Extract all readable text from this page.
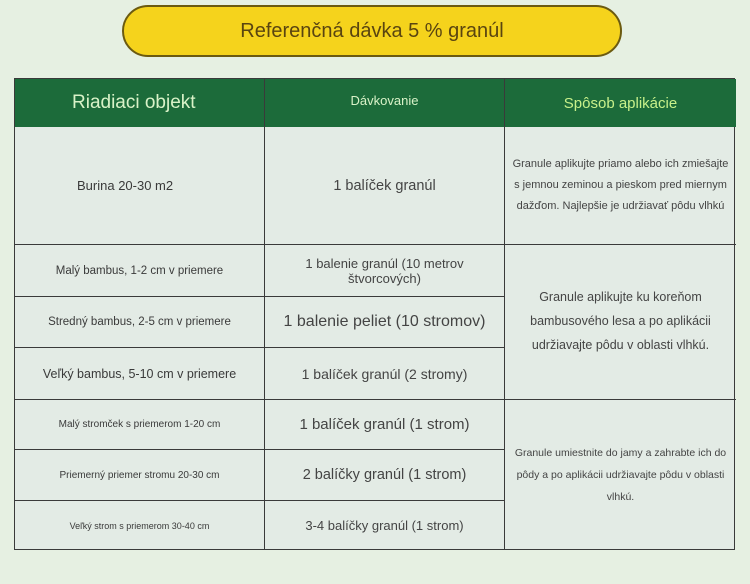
Referenčná dávka 5 % granúl
Riadiaci objekt	Dávkovanie	Spôsob aplikácie
Burina 20-30 m2	1 balíček granúl
Granule aplikujte priamo alebo ich zmiešajte s jemnou zeminou a pieskom pred miernym dažďom. Najlepšie je udržiavať pôdu vlhkú
Malý bambus, 1-2 cm v priemere	1 balenie granúl (10 metrov štvorcových)
Stredný bambus, 2-5 cm v priemere	1 balenie peliet (10 stromov)
Veľký bambus, 5-10 cm v priemere	1 balíček granúl (2 stromy)
Granule aplikujte ku koreňom bambusového lesa a po aplikácii udržiavajte pôdu v oblasti vlhkú.
Malý stromček s priemerom 1-20 cm	1 balíček granúl (1 strom)
Priemerný priemer stromu 20-30 cm	2 balíčky granúl (1 strom)
Veľký strom s priemerom 30-40 cm	3-4 balíčky granúl (1 strom)
Granule umiestnite do jamy a zahrabte ich do pôdy a po aplikácii udržiavajte pôdu v oblasti vlhkú.
